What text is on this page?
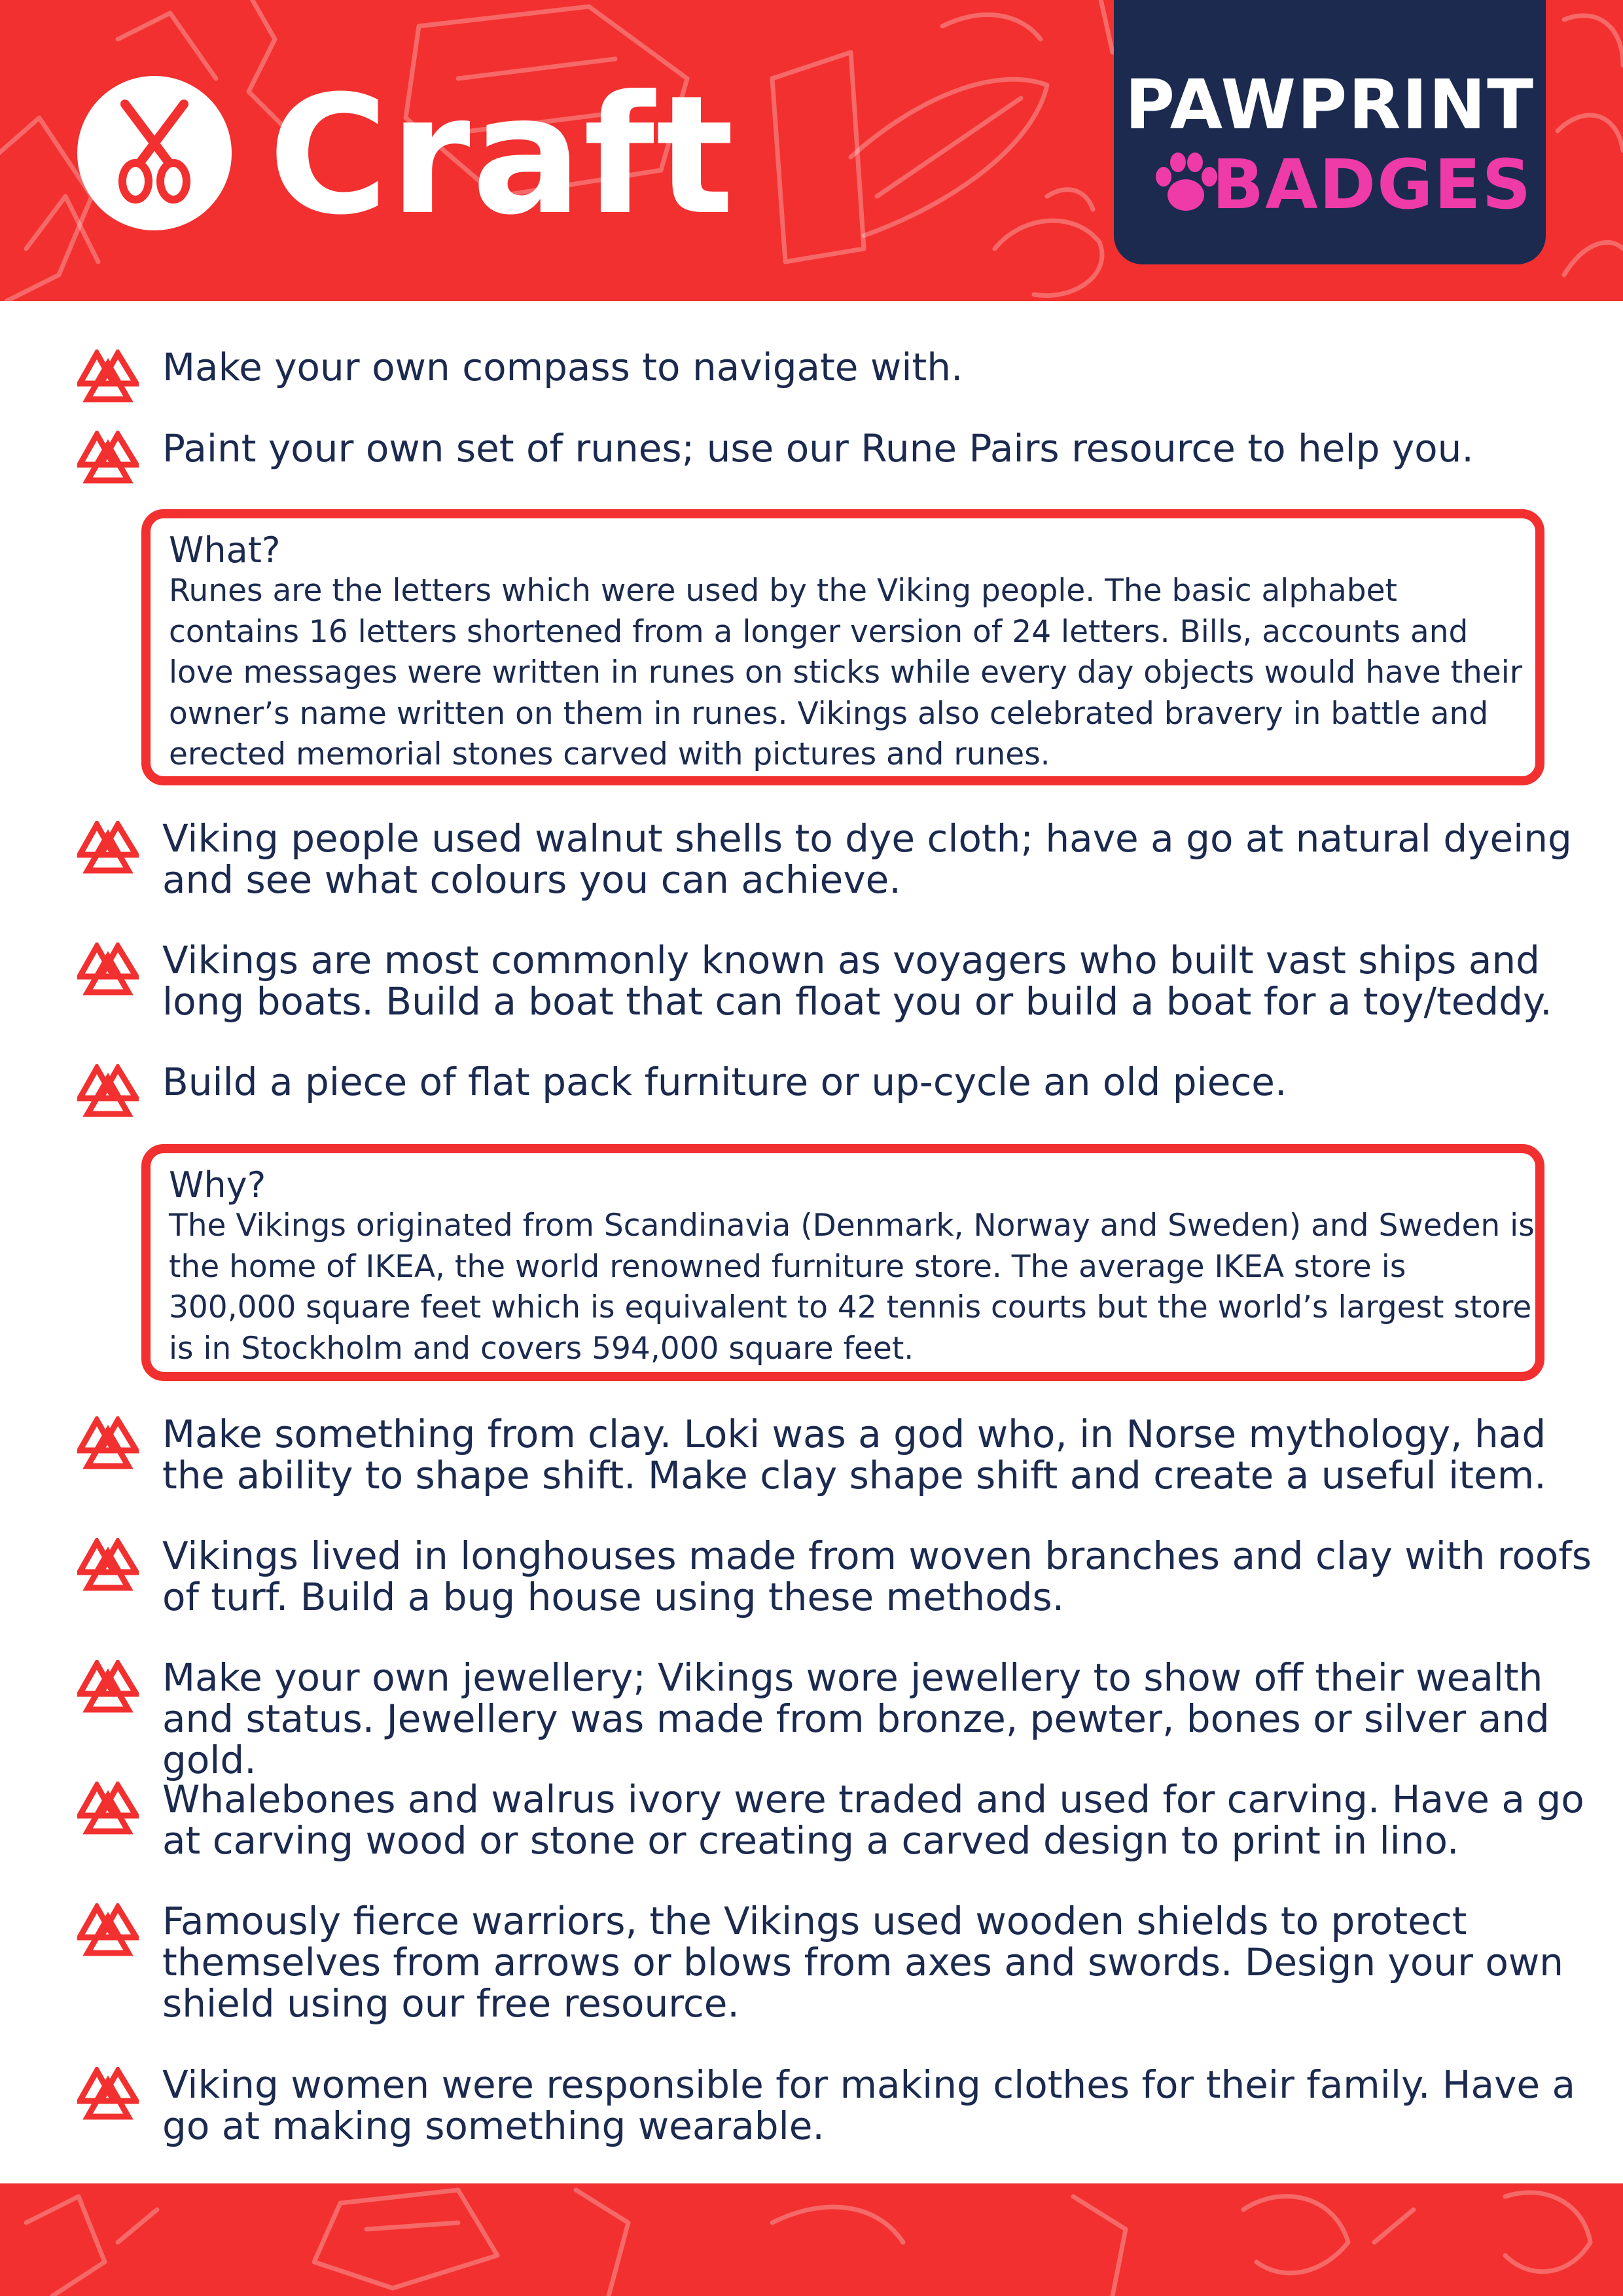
Craft	PAWPRINT
BADGES
Make your own compass to navigate with.
Paint your own set of runes; use our Rune Pairs resource to help you.
What?
Runes are the letters which were used by the Viking people. The basic alphabet contains 16 letters shortened from a longer version of 24 letters. Bills, accounts and love messages were written in runes on sticks while every day objects would have their owner’s name written on them in runes. Vikings also celebrated bravery in battle and erected memorial stones carved with pictures and runes.
Viking people used walnut shells to dye cloth; have a go at natural dyeing and see what colours you can achieve.
Vikings are most commonly known as voyagers who built vast ships and long boats. Build a boat that can float you or build a boat for a toy/teddy.
Build a piece of flat pack furniture or up-cycle an old piece.
Why?
The Vikings originated from Scandinavia (Denmark, Norway and Sweden) and Sweden is the home of IKEA, the world renowned furniture store. The average IKEA store is 300,000 square feet which is equivalent to 42 tennis courts but the world’s largest store is in Stockholm and covers 594,000 square feet.
Make something from clay. Loki was a god who, in Norse mythology, had the ability to shape shift. Make clay shape shift and create a useful item.
Vikings lived in longhouses made from woven branches and clay with roofs of turf. Build a bug house using these methods.
Make your own jewellery; Vikings wore jewellery to show off their wealth and status. Jewellery was made from bronze, pewter, bones or silver and gold.
Whalebones and walrus ivory were traded and used for carving. Have a go at carving wood or stone or creating a carved design to print in lino.
Famously fierce warriors, the Vikings used wooden shields to protect themselves from arrows or blows from axes and swords. Design your own shield using our free resource.
Viking women were responsible for making clothes for their family. Have a go at making something wearable.
